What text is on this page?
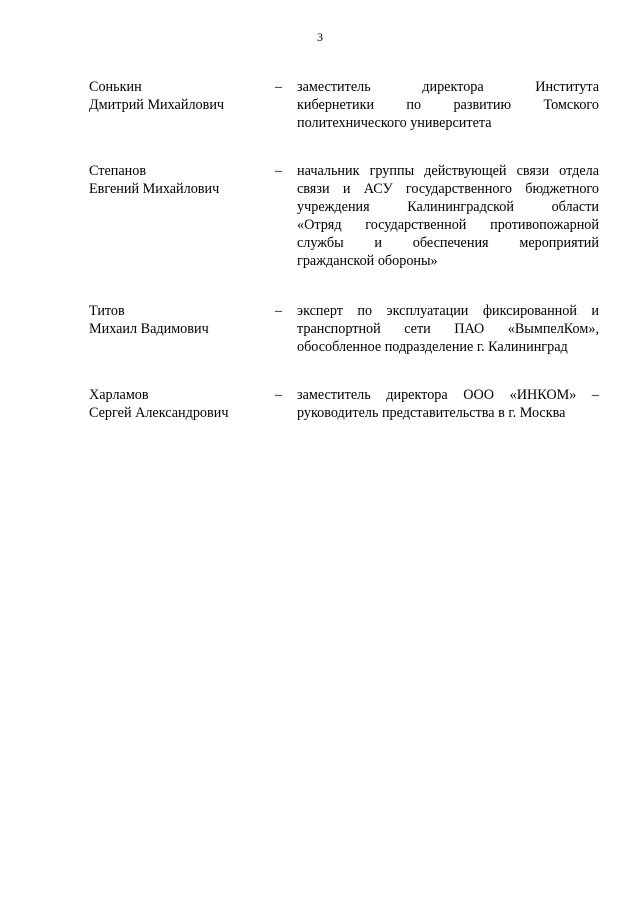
3
Сонькин
Дмитрий Михайлович
–	заместитель директора Института
кибернетики по развитию Томского
политехнического университета
Степанов
Евгений Михайлович
–	начальник группы действующей связи отдела
связи и АСУ государственного бюджетного
учреждения Калининградской области
«Отряд государственной противопожарной
службы и обеспечения мероприятий
гражданской обороны»
Титов
Михаил Вадимович
–	эксперт по эксплуатации фиксированной и
транспортной сети ПАО «ВымпелКом»,
обособленное подразделение г. Калининград
Харламов
Сергей Александрович
–	заместитель директора ООО «ИНКОМ» –
руководитель представительства в г. Москва
